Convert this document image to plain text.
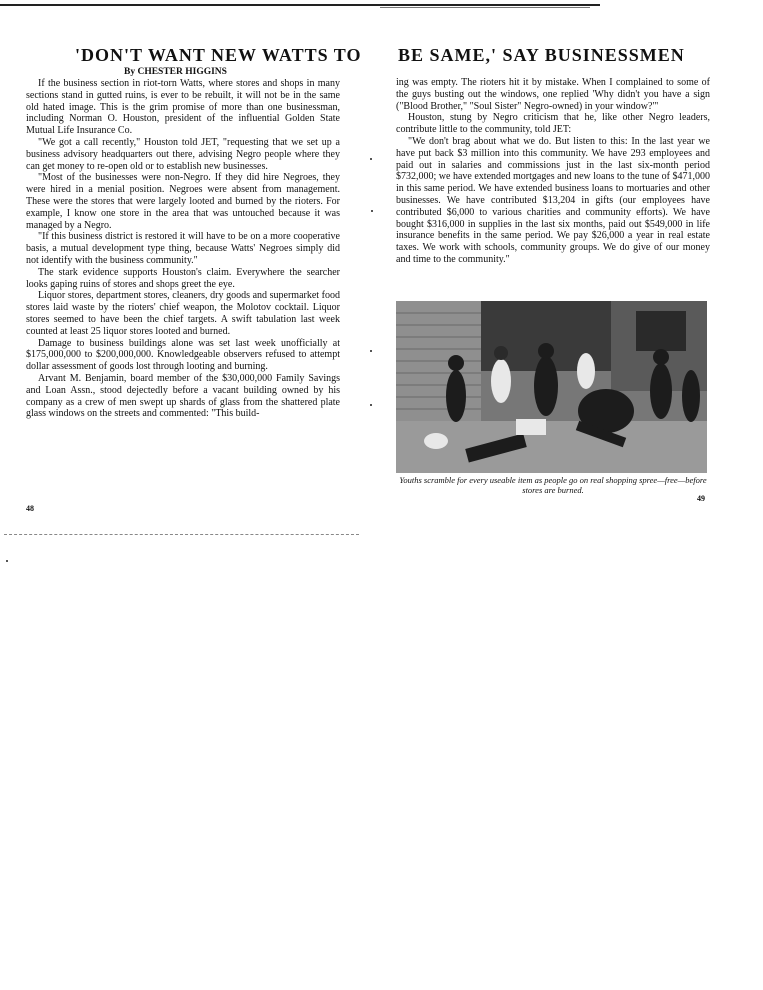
'DON'T WANT NEW WATTS TO BE SAME,' SAY BUSINESSMEN
By CHESTER HIGGINS

If the business section in riot-torn Watts, where stores and shops in many sections stand in gutted ruins, is ever to be rebuilt, it will not be in the same old hated image. This is the grim promise of more than one businessman, including Norman O. Houston, president of the influential Golden State Mutual Life Insurance Co.

"We got a call recently," Houston told JET, "requesting that we set up a business advisory headquarters out there, advising Negro people where they can get money to re-open old or to establish new businesses.

"Most of the businesses were non-Negro. If they did hire Negroes, they were hired in a menial position. Negroes were absent from management. These were the stores that were largely looted and burned by the rioters. For example, I know one store in the area that was untouched because it was managed by a Negro.

"If this business district is restored it will have to be on a more cooperative basis, a mutual development type thing, because Watts' Negroes simply did not identify with the business community."

The stark evidence supports Houston's claim. Everywhere the searcher looks gaping ruins of stores and shops greet the eye.

Liquor stores, department stores, cleaners, dry goods and supermarket food stores laid waste by the rioters' chief weapon, the Molotov cocktail. Liquor stores seemed to have been the chief targets. A swift tabulation last week counted at least 25 liquor stores looted and burned.

Damage to business buildings alone was set last week unofficially at $175,000,000 to $200,000,000. Knowledgeable observers refused to attempt dollar assessment of goods lost through looting and burning.

Arvant M. Benjamin, board member of the $30,000,000 Family Savings and Loan Assn., stood dejectedly before a vacant building owned by his company as a crew of men swept up shards of glass from the shattered plate glass windows on the streets and commented: "This build-

ing was empty. The rioters hit it by mistake. When I complained to some of the guys busting out the windows, one replied 'Why didn't you have a sign ("Blood Brother," "Soul Sister" Negro-owned) in your window?'"

Houston, stung by Negro criticism that he, like other Negro leaders, contribute little to the community, told JET:

"We don't brag about what we do. But listen to this: In the last year we have put back $3 million into this community. We have 293 employees and paid out in salaries and commissions just in the last six-month period $732,000; we have extended mortgages and new loans to the tune of $471,000 in this same period. We have extended business loans to mortuaries and other businesses. We have contributed $13,204 in gifts (our employees have contributed $6,000 to various charities and community efforts). We have bought $316,000 in supplies in the last six months, paid out $549,000 in life insurance benefits in the same period. We pay $26,000 a year in real estate taxes. We work with schools, community groups. We do give of our money and time to the community."

Youths scramble for every useable item as people go on real shopping spree—free—before stores are burned.

48
49
